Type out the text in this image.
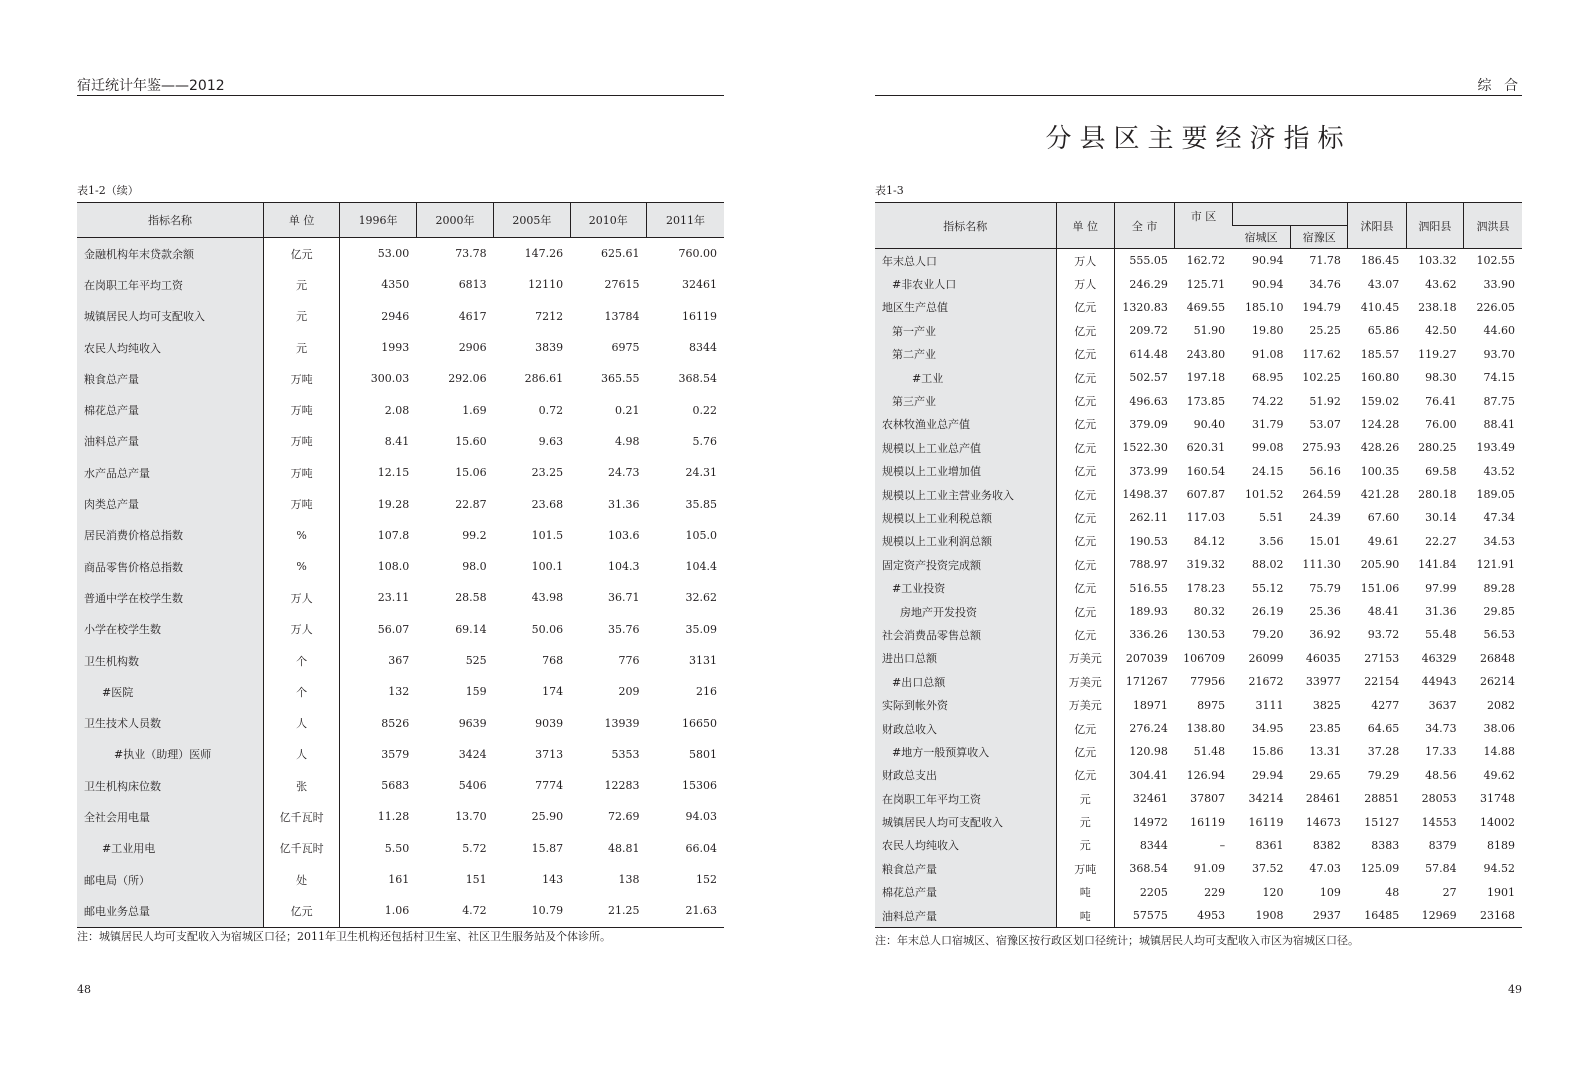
宿迁统计年鉴——2012
表1-2（续）
指标名称	单 位	1996年	2000年	2005年	2010年	2011年
金融机构年末贷款余额	亿元	53.00	73.78	147.26	625.61	760.00
在岗职工年平均工资	元	4350	6813	12110	27615	32461
城镇居民人均可支配收入	元	2946	4617	7212	13784	16119
农民人均纯收入	元	1993	2906	3839	6975	8344
粮食总产量	万吨	300.03	292.06	286.61	365.55	368.54
棉花总产量	万吨	2.08	1.69	0.72	0.21	0.22
油料总产量	万吨	8.41	15.60	9.63	4.98	5.76
水产品总产量	万吨	12.15	15.06	23.25	24.73	24.31
肉类总产量	万吨	19.28	22.87	23.68	31.36	35.85
居民消费价格总指数	%	107.8	99.2	101.5	103.6	105.0
商品零售价格总指数	%	108.0	98.0	100.1	104.3	104.4
普通中学在校学生数	万人	23.11	28.58	43.98	36.71	32.62
小学在校学生数	万人	56.07	69.14	50.06	35.76	35.09
卫生机构数	个	367	525	768	776	3131
#医院	个	132	159	174	209	216
卫生技术人员数	人	8526	9639	9039	13939	16650
#执业（助理）医师	人	3579	3424	3713	5353	5801
卫生机构床位数	张	5683	5406	7774	12283	15306
全社会用电量	亿千瓦时	11.28	13.70	25.90	72.69	94.03
#工业用电	亿千瓦时	5.50	5.72	15.87	48.81	66.04
邮电局（所）	处	161	151	143	138	152
邮电业务总量	亿元	1.06	4.72	10.79	21.25	21.63
注：城镇居民人均可支配收入为宿城区口径；2011年卫生机构还包括村卫生室、社区卫生服务站及个体诊所。
48
综 合
分县区主要经济指标
表1-3
指标名称	单 位	全 市	市 区			沭阳县	泗阳县	泗洪县
				宿城区	宿豫区			
年末总人口	万人	555.05	162.72	90.94	71.78	186.45	103.32	102.55
#非农业人口	万人	246.29	125.71	90.94	34.76	43.07	43.62	33.90
地区生产总值	亿元	1320.83	469.55	185.10	194.79	410.45	238.18	226.05
第一产业	亿元	209.72	51.90	19.80	25.25	65.86	42.50	44.60
第二产业	亿元	614.48	243.80	91.08	117.62	185.57	119.27	93.70
#工业	亿元	502.57	197.18	68.95	102.25	160.80	98.30	74.15
第三产业	亿元	496.63	173.85	74.22	51.92	159.02	76.41	87.75
农林牧渔业总产值	亿元	379.09	90.40	31.79	53.07	124.28	76.00	88.41
规模以上工业总产值	亿元	1522.30	620.31	99.08	275.93	428.26	280.25	193.49
规模以上工业增加值	亿元	373.99	160.54	24.15	56.16	100.35	69.58	43.52
规模以上工业主营业务收入	亿元	1498.37	607.87	101.52	264.59	421.28	280.18	189.05
规模以上工业利税总额	亿元	262.11	117.03	5.51	24.39	67.60	30.14	47.34
规模以上工业利润总额	亿元	190.53	84.12	3.56	15.01	49.61	22.27	34.53
固定资产投资完成额	亿元	788.97	319.32	88.02	111.30	205.90	141.84	121.91
#工业投资	亿元	516.55	178.23	55.12	75.79	151.06	97.99	89.28
房地产开发投资	亿元	189.93	80.32	26.19	25.36	48.41	31.36	29.85
社会消费品零售总额	亿元	336.26	130.53	79.20	36.92	93.72	55.48	56.53
进出口总额	万美元	207039	106709	26099	46035	27153	46329	26848
#出口总额	万美元	171267	77956	21672	33977	22154	44943	26214
实际到帐外资	万美元	18971	8975	3111	3825	4277	3637	2082
财政总收入	亿元	276.24	138.80	34.95	23.85	64.65	34.73	38.06
#地方一般预算收入	亿元	120.98	51.48	15.86	13.31	37.28	17.33	14.88
财政总支出	亿元	304.41	126.94	29.94	29.65	79.29	48.56	49.62
在岗职工年平均工资	元	32461	37807	34214	28461	28851	28053	31748
城镇居民人均可支配收入	元	14972	16119	16119	14673	15127	14553	14002
农民人均纯收入	元	8344	–	8361	8382	8383	8379	8189
粮食总产量	万吨	368.54	91.09	37.52	47.03	125.09	57.84	94.52
棉花总产量	吨	2205	229	120	109	48	27	1901
油料总产量	吨	57575	4953	1908	2937	16485	12969	23168
注：年末总人口宿城区、宿豫区按行政区划口径统计；城镇居民人均可支配收入市区为宿城区口径。
49
